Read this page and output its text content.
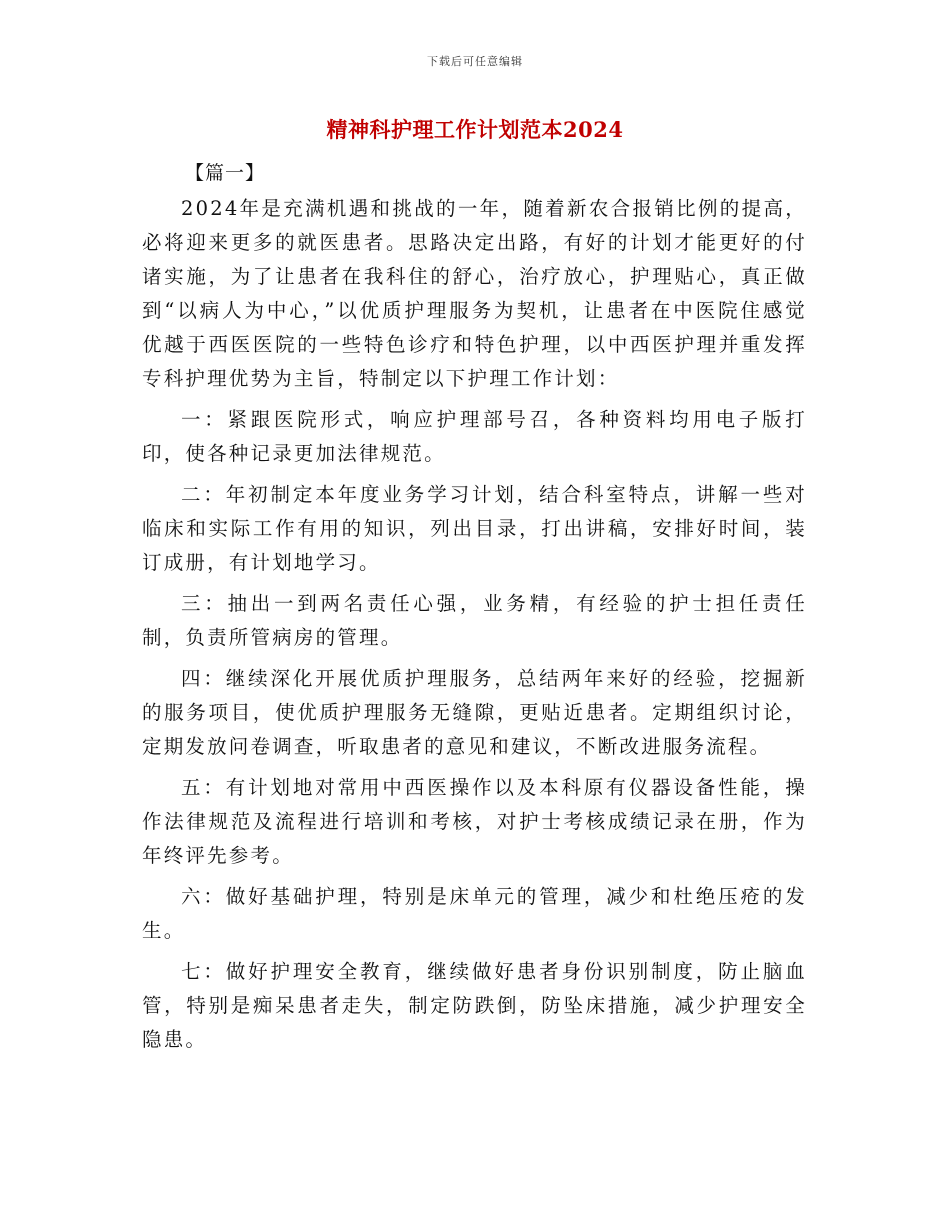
下载后可任意编辑
精神科护理工作计划范本2024
【篇一】

2024年是充满机遇和挑战的一年，随着新农合报销比例的提高，必将迎来更多的就医患者。思路决定出路，有好的计划才能更好的付诸实施，为了让患者在我科住的舒心，治疗放心，护理贴心，真正做到“以病人为中心，”以优质护理服务为契机，让患者在中医院住感觉优越于西医医院的一些特色诊疗和特色护理，以中西医护理并重发挥专科护理优势为主旨，特制定以下护理工作计划：

一：紧跟医院形式，响应护理部号召，各种资料均用电子版打印，使各种记录更加法律规范。

二：年初制定本年度业务学习计划，结合科室特点，讲解一些对临床和实际工作有用的知识，列出目录，打出讲稿，安排好时间，装订成册，有计划地学习。

三：抽出一到两名责任心强，业务精，有经验的护士担任责任制，负责所管病房的管理。

四：继续深化开展优质护理服务，总结两年来好的经验，挖掘新的服务项目，使优质护理服务无缝隙，更贴近患者。定期组织讨论，定期发放问卷调查，听取患者的意见和建议，不断改进服务流程。

五：有计划地对常用中西医操作以及本科原有仪器设备性能，操作法律规范及流程进行培训和考核，对护士考核成绩记录在册，作为年终评先参考。

六：做好基础护理，特别是床单元的管理，减少和杜绝压疮的发生。

七：做好护理安全教育，继续做好患者身份识别制度，防止脑血管，特别是痴呆患者走失，制定防跌倒，防坠床措施，减少护理安全隐患。
